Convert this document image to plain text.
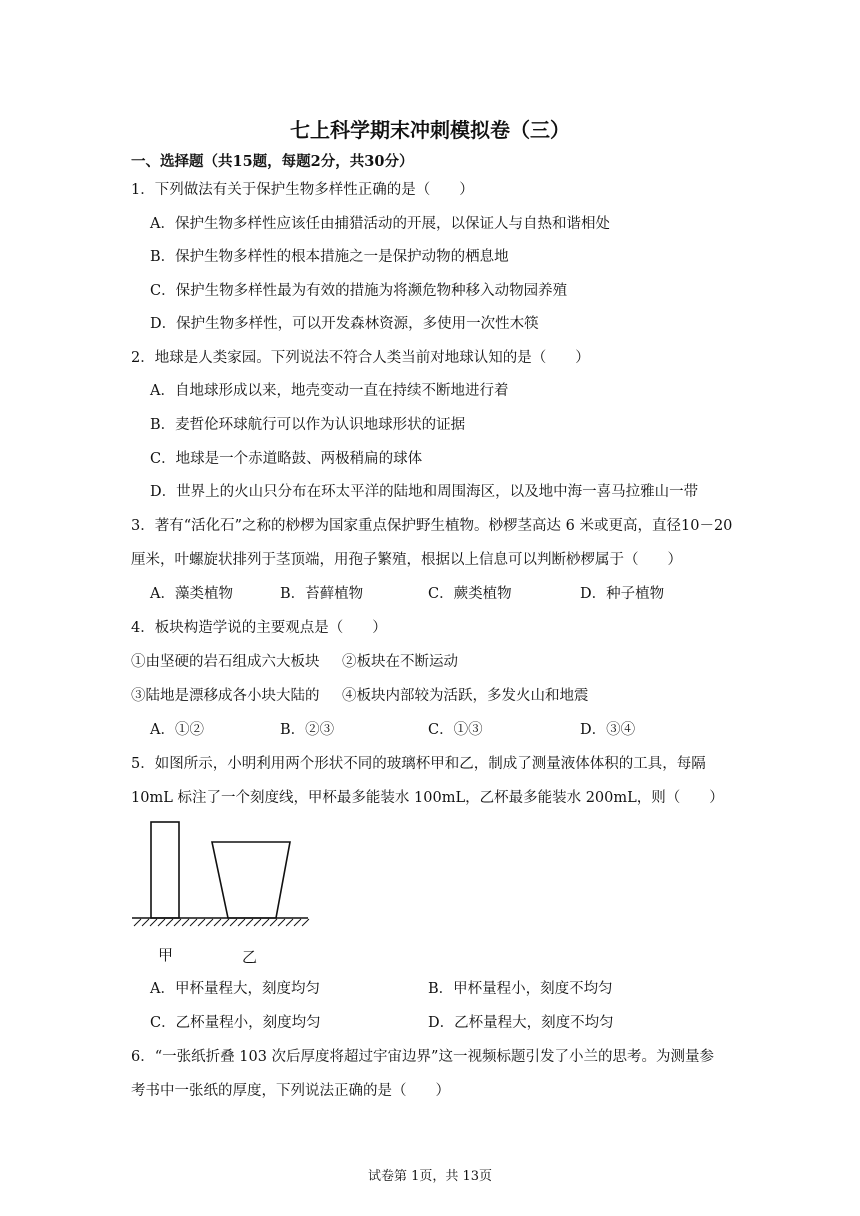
七上科学期末冲刺模拟卷（三）
一、选择题（共15题，每题2分，共30分）
1．下列做法有关于保护生物多样性正确的是（　　）
A．保护生物多样性应该任由捕猎活动的开展，以保证人与自热和谐相处
B．保护生物多样性的根本措施之一是保护动物的栖息地
C．保护生物多样性最为有效的措施为将濒危物种移入动物园养殖
D．保护生物多样性，可以开发森林资源，多使用一次性木筷
2．地球是人类家园。下列说法不符合人类当前对地球认知的是（　　）
A．自地球形成以来，地壳变动一直在持续不断地进行着
B．麦哲伦环球航行可以作为认识地球形状的证据
C．地球是一个赤道略鼓、两极稍扁的球体
D．世界上的火山只分布在环太平洋的陆地和周围海区，以及地中海一喜马拉雅山一带
3．著有“活化石”之称的桫椤为国家重点保护野生植物。桫椤茎高达 6 米或更高，直径10－20
厘米，叶螺旋状排列于茎顶端，用孢子繁殖，根据以上信息可以判断桫椤属于（　　）
A．藻类植物	B．苔藓植物	C．蕨类植物	D．种子植物
4．板块构造学说的主要观点是（　　）
①由坚硬的岩石组成六大板块 ②板块在不断运动
③陆地是漂移成各小块大陆的 ④板块内部较为活跃，多发火山和地震
A．①②	B．②③	C．①③	D．③④
5．如图所示，小明利用两个形状不同的玻璃杯甲和乙，制成了测量液体体积的工具，每隔
10mL 标注了一个刻度线，甲杯最多能装水 100mL，乙杯最多能装水 200mL，则（　　）
甲	乙
A．甲杯量程大，刻度均匀	B．甲杯量程小，刻度不均匀
C．乙杯量程小，刻度均匀	D．乙杯量程大，刻度不均匀
6．“一张纸折叠 103 次后厚度将超过宇宙边界”这一视频标题引发了小兰的思考。为测量参
考书中一张纸的厚度，下列说法正确的是（　　）
试卷第 1页，共 13页
